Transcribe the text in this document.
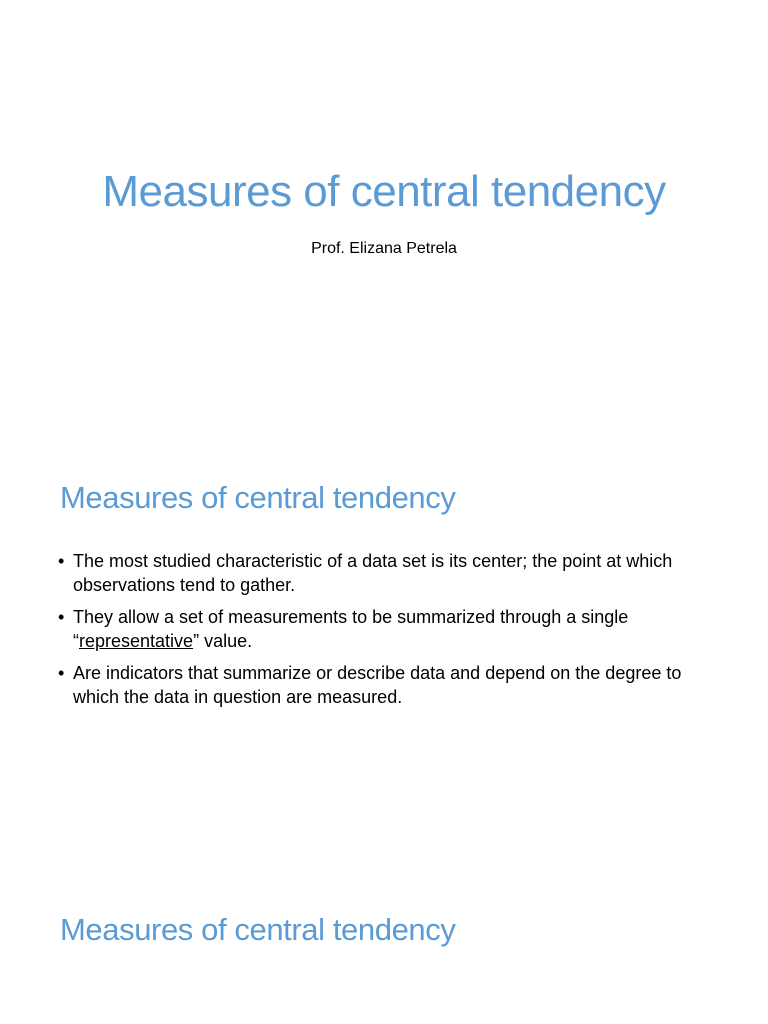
Measures of central tendency

Prof. Elizana Petrela

Measures of central tendency
• The most studied characteristic of a data set is its center; the point at which observations tend to gather.
• They allow a set of measurements to be summarized through a single “representative” value.
• Are indicators that summarize or describe data and depend on the degree to which the data in question are measured.
Measures of central tendency
